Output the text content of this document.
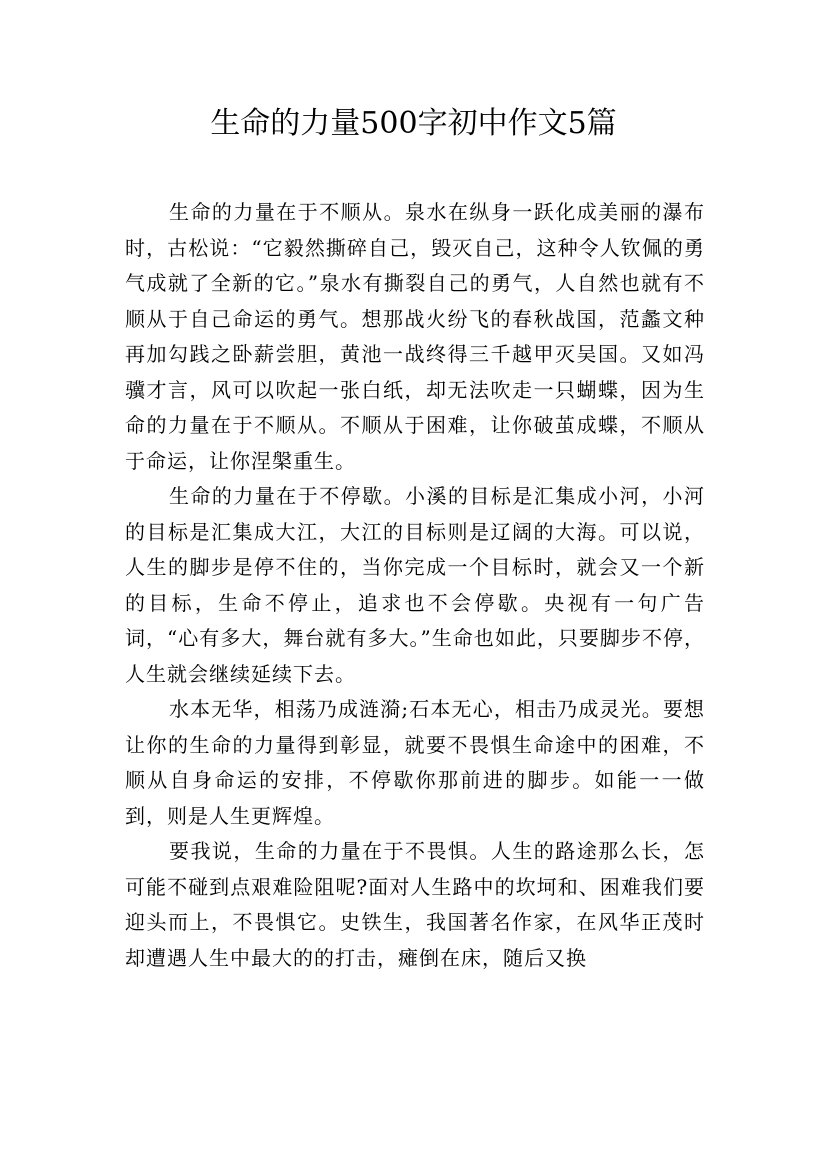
生命的力量500字初中作文5篇

生命的力量在于不顺从。泉水在纵身一跃化成美丽的瀑布时，古松说：“它毅然撕碎自己，毁灭自己，这种令人钦佩的勇气成就了全新的它。”泉水有撕裂自己的勇气，人自然也就有不顺从于自己命运的勇气。想那战火纷飞的春秋战国，范蠡文种再加勾践之卧薪尝胆，黄池一战终得三千越甲灭吴国。又如冯骥才言，风可以吹起一张白纸，却无法吹走一只蝴蝶，因为生命的力量在于不顺从。不顺从于困难，让你破茧成蝶，不顺从于命运，让你涅槃重生。

生命的力量在于不停歇。小溪的目标是汇集成小河，小河的目标是汇集成大江，大江的目标则是辽阔的大海。可以说，人生的脚步是停不住的，当你完成一个目标时，就会又一个新的目标，生命不停止，追求也不会停歇。央视有一句广告词，“心有多大，舞台就有多大。”生命也如此，只要脚步不停，人生就会继续延续下去。

水本无华，相荡乃成涟漪;石本无心，相击乃成灵光。要想让你的生命的力量得到彰显，就要不畏惧生命途中的困难，不顺从自身命运的安排，不停歇你那前进的脚步。如能一一做到，则是人生更辉煌。

要我说，生命的力量在于不畏惧。人生的路途那么长，怎可能不碰到点艰难险阻呢?面对人生路中的坎坷和、困难我们要迎头而上，不畏惧它。史铁生，我国著名作家，在风华正茂时却遭遇人生中最大的的打击，瘫倒在床，随后又换
